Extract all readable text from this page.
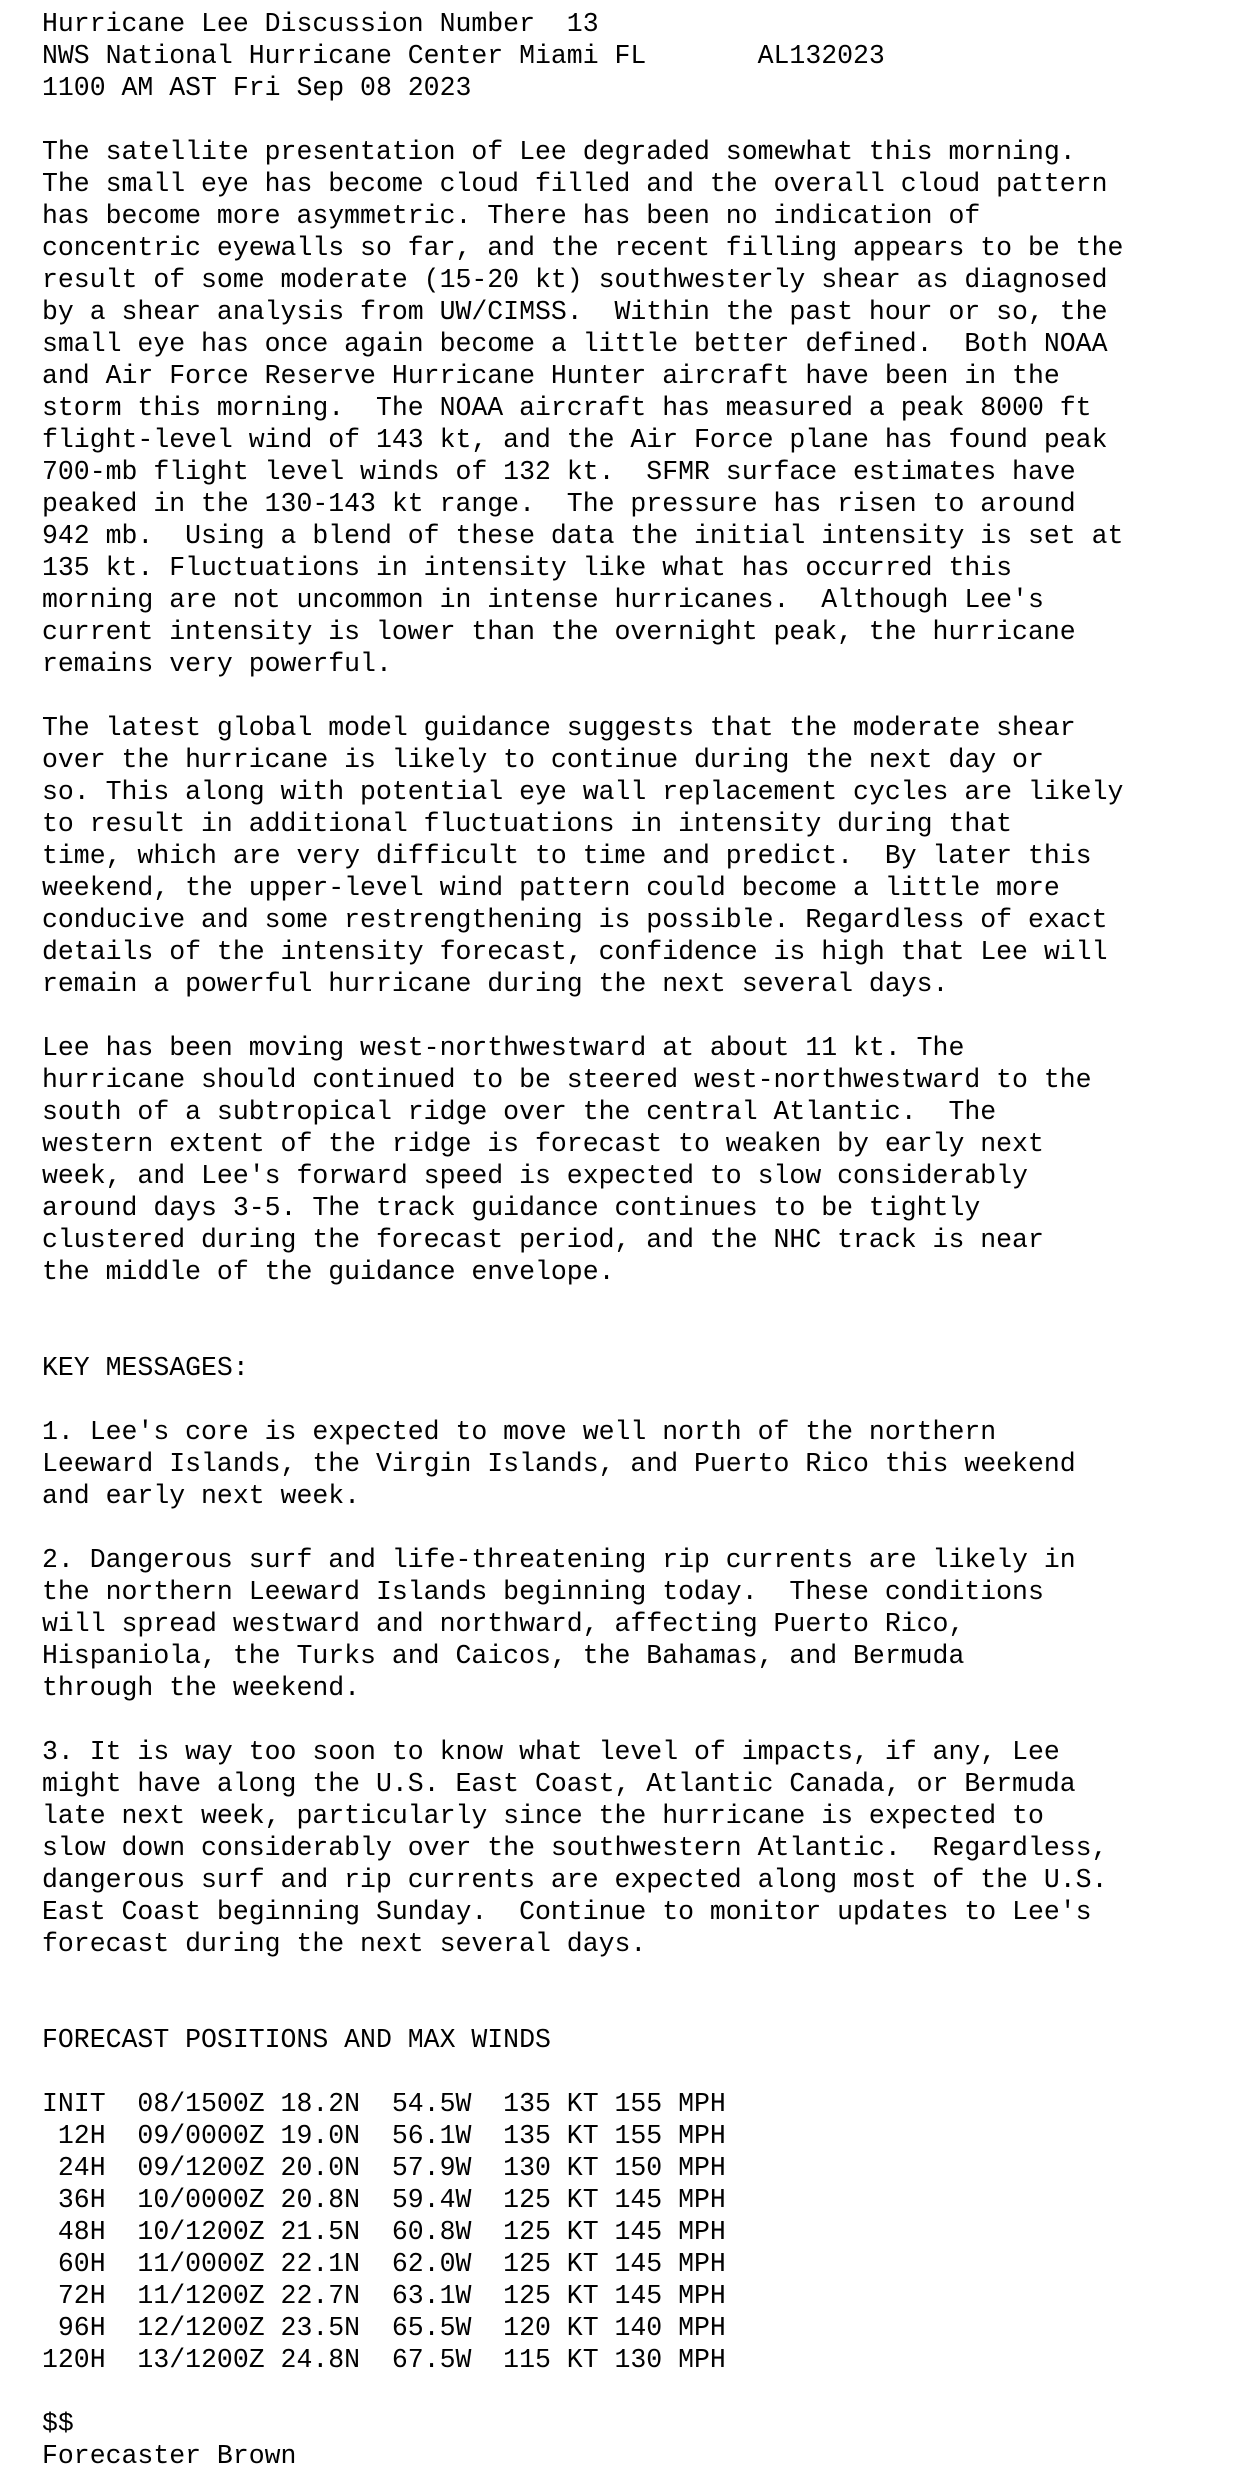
Hurricane Lee Discussion Number  13
NWS National Hurricane Center Miami FL       AL132023
1100 AM AST Fri Sep 08 2023

The satellite presentation of Lee degraded somewhat this morning.
The small eye has become cloud filled and the overall cloud pattern
has become more asymmetric. There has been no indication of
concentric eyewalls so far, and the recent filling appears to be the
result of some moderate (15-20 kt) southwesterly shear as diagnosed
by a shear analysis from UW/CIMSS.  Within the past hour or so, the
small eye has once again become a little better defined.  Both NOAA
and Air Force Reserve Hurricane Hunter aircraft have been in the
storm this morning.  The NOAA aircraft has measured a peak 8000 ft
flight-level wind of 143 kt, and the Air Force plane has found peak
700-mb flight level winds of 132 kt.  SFMR surface estimates have
peaked in the 130-143 kt range.  The pressure has risen to around
942 mb.  Using a blend of these data the initial intensity is set at
135 kt. Fluctuations in intensity like what has occurred this
morning are not uncommon in intense hurricanes.  Although Lee's
current intensity is lower than the overnight peak, the hurricane
remains very powerful.

The latest global model guidance suggests that the moderate shear
over the hurricane is likely to continue during the next day or
so. This along with potential eye wall replacement cycles are likely
to result in additional fluctuations in intensity during that
time, which are very difficult to time and predict.  By later this
weekend, the upper-level wind pattern could become a little more
conducive and some restrengthening is possible. Regardless of exact
details of the intensity forecast, confidence is high that Lee will
remain a powerful hurricane during the next several days.

Lee has been moving west-northwestward at about 11 kt. The
hurricane should continued to be steered west-northwestward to the
south of a subtropical ridge over the central Atlantic.  The
western extent of the ridge is forecast to weaken by early next
week, and Lee's forward speed is expected to slow considerably
around days 3-5. The track guidance continues to be tightly
clustered during the forecast period, and the NHC track is near
the middle of the guidance envelope.

KEY MESSAGES:

1. Lee's core is expected to move well north of the northern
Leeward Islands, the Virgin Islands, and Puerto Rico this weekend
and early next week.

2. Dangerous surf and life-threatening rip currents are likely in
the northern Leeward Islands beginning today.  These conditions
will spread westward and northward, affecting Puerto Rico,
Hispaniola, the Turks and Caicos, the Bahamas, and Bermuda
through the weekend.

3. It is way too soon to know what level of impacts, if any, Lee
might have along the U.S. East Coast, Atlantic Canada, or Bermuda
late next week, particularly since the hurricane is expected to
slow down considerably over the southwestern Atlantic.  Regardless,
dangerous surf and rip currents are expected along most of the U.S.
East Coast beginning Sunday.  Continue to monitor updates to Lee's
forecast during the next several days.

FORECAST POSITIONS AND MAX WINDS

INIT  08/1500Z 18.2N  54.5W  135 KT 155 MPH
12H  09/0000Z 19.0N  56.1W  135 KT 155 MPH
24H  09/1200Z 20.0N  57.9W  130 KT 150 MPH
36H  10/0000Z 20.8N  59.4W  125 KT 145 MPH
48H  10/1200Z 21.5N  60.8W  125 KT 145 MPH
60H  11/0000Z 22.1N  62.0W  125 KT 145 MPH
72H  11/1200Z 22.7N  63.1W  125 KT 145 MPH
96H  12/1200Z 23.5N  65.5W  120 KT 140 MPH
120H  13/1200Z 24.8N  67.5W  115 KT 130 MPH

$$
Forecaster Brown
